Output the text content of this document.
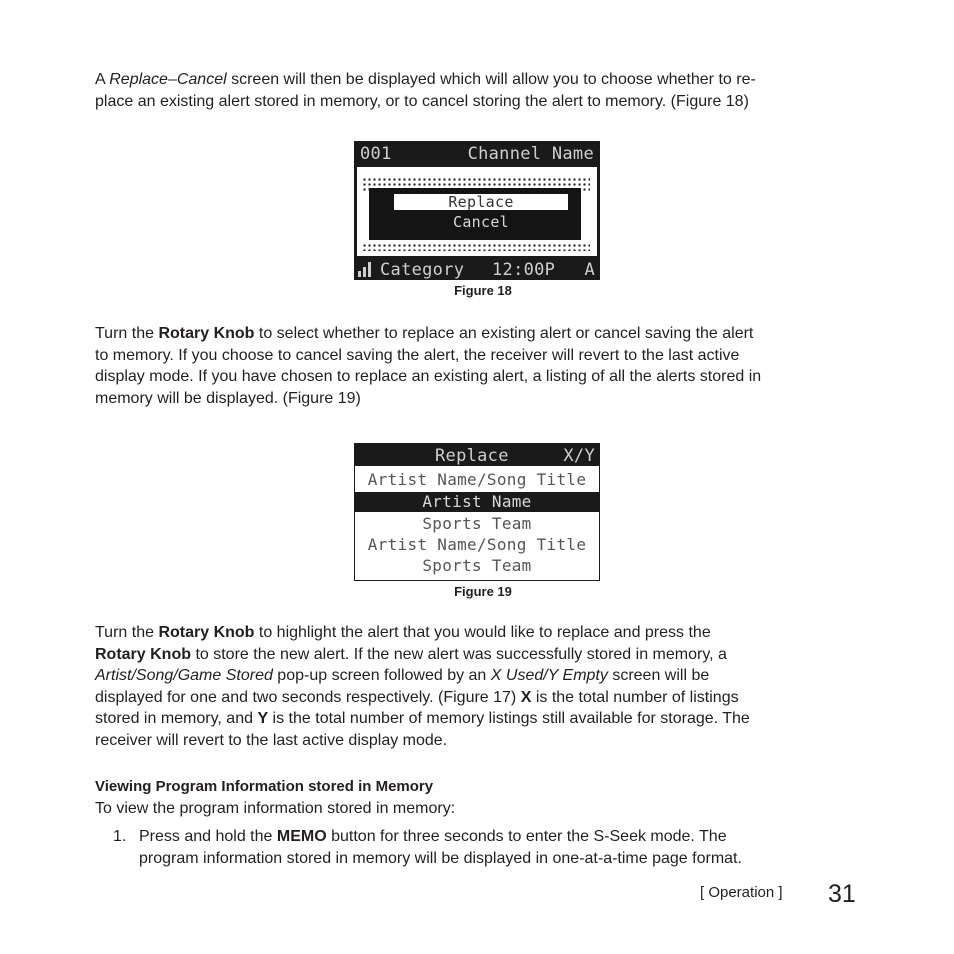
A Replace–Cancel screen will then be displayed which will allow you to choose whether to re-
place an existing alert stored in memory, or to cancel storing the alert to memory. (Figure 18)
001	Channel Name
Replace
Cancel
Category 12:00P A
Figure 18
Turn the Rotary Knob to select whether to replace an existing alert or cancel saving the alert
to memory. If you choose to cancel saving the alert, the receiver will revert to the last active
display mode. If you have chosen to replace an existing alert, a listing of all the alerts stored in
memory will be displayed. (Figure 19)
Replace	X/Y
Artist Name/Song Title
Artist Name
Sports Team
Artist Name/Song Title
Sports Team
Figure 19
Turn the Rotary Knob to highlight the alert that you would like to replace and press the
Rotary Knob to store the new alert. If the new alert was successfully stored in memory, a
Artist/Song/Game Stored pop-up screen followed by an X Used/Y Empty screen will be
displayed for one and two seconds respectively. (Figure 17) X is the total number of listings
stored in memory, and Y is the total number of memory listings still available for storage. The
receiver will revert to the last active display mode.
Viewing Program Information stored in Memory
To view the program information stored in memory:
1. Press and hold the MEMO button for three seconds to enter the S-Seek mode. The
program information stored in memory will be displayed in one-at-a-time page format.
[ Operation ] 31
